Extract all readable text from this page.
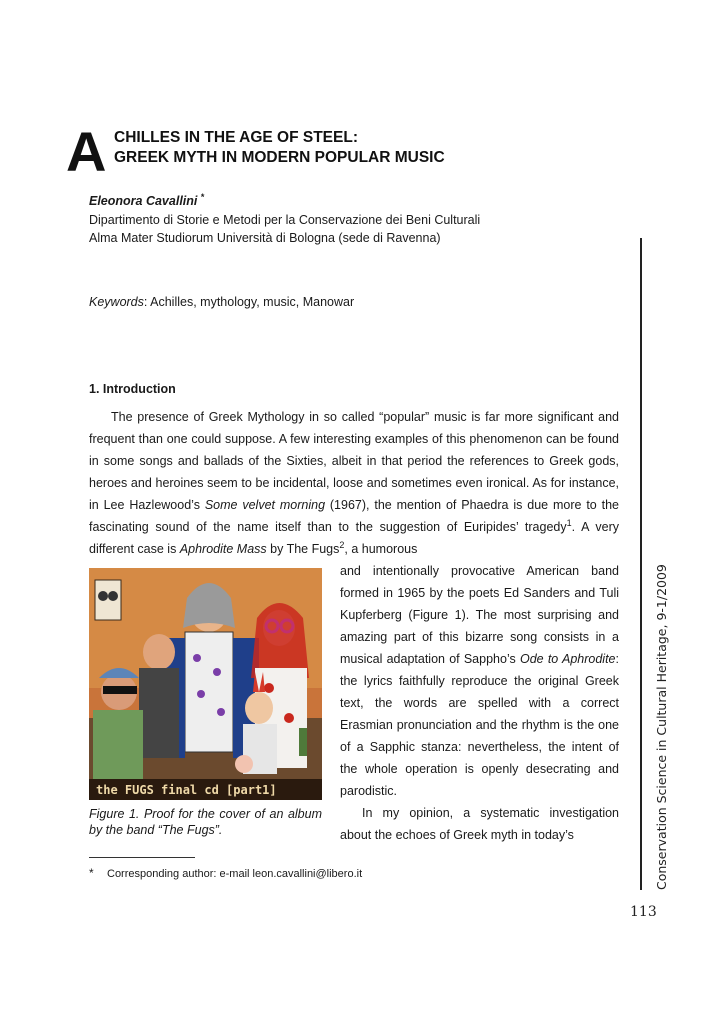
A CHILLES IN THE AGE OF STEEL:
GREEK MYTH IN MODERN POPULAR MUSIC
Eleonora Cavallini *
Dipartimento di Storie e Metodi per la Conservazione dei Beni Culturali
Alma Mater Studiorum Università di Bologna (sede di Ravenna)
Keywords: Achilles, mythology, music, Manowar
1. Introduction

The presence of Greek Mythology in so called “popular” music is far more significant and frequent than one could suppose. A few interesting examples of this phenomenon can be found in some songs and ballads of the Sixties, albeit in that period the references to Greek gods, heroes and heroines seem to be incidental, loose and sometimes even ironical. As for instance, in Lee Hazlewood’s Some velvet morning (1967), the mention of Phaedra is due more to the fascinating sound of the name itself than to the suggestion of Euripides’ tragedy$^1$. A very different case is Aphrodite Mass by The Fugs$^2$, a humorous

and intentionally provocative American band formed in 1965 by the poets Ed Sanders and Tuli Kupferberg (Figure 1). The most surprising and amazing part of this bizarre song consists in a musical adaptation of Sappho’s Ode to Aphrodite: the lyrics faithfully reproduce the original Greek text, the words are spelled with a correct Erasmian pronunciation and the rhythm is the one of a Sapphic stanza: nevertheless, the intent of the whole operation is openly desecrating and parodistic.

In my opinion, a systematic investigation about the echoes of Greek myth in today’s

the FUGS final cd [part1]
Figure 1. Proof for the cover of an album by the band “The Fugs”.
* Corresponding author: e-mail leon.cavallini@libero.it	Conservation Science in Cultural Heritage, 9-1/2009
113
